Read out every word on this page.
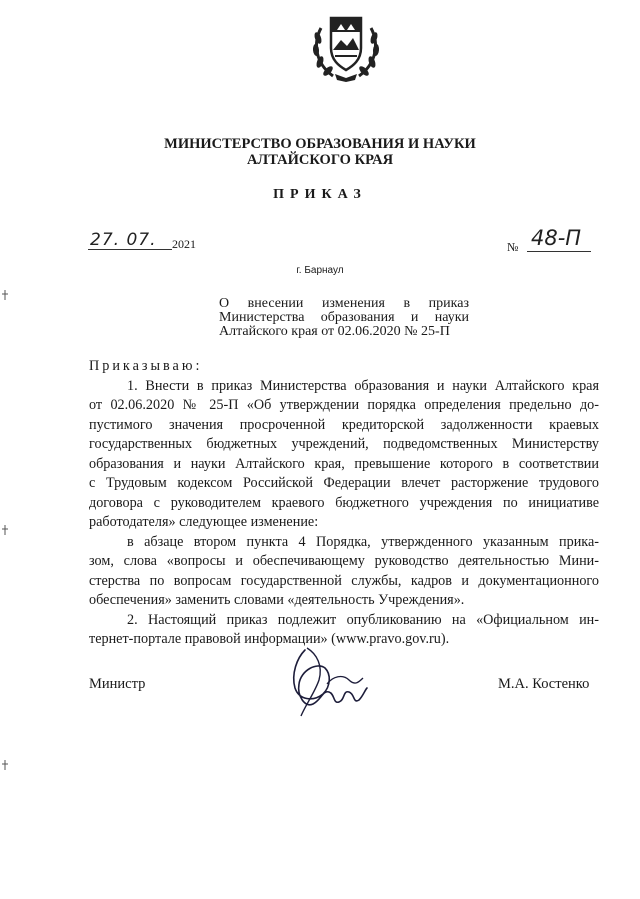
МИНИСТЕРСТВО ОБРАЗОВАНИЯ И НАУКИ
АЛТАЙСКОГО КРАЯ
ПРИКАЗ
27. 07. 2021	№ 48-П
г. Барнаул
О внесении изменения в приказ
Министерства образования и науки
Алтайского края от 02.06.2020 № 25-П
Приказываю:
1. Внести в приказ Министерства образования и науки Алтайского края
от 02.06.2020 № 25-П «Об утверждении порядка определения предельно до-
пустимого значения просроченной кредиторской задолженности краевых
государственных бюджетных учреждений, подведомственных Министерству
образования и науки Алтайского края, превышение которого в соответствии
с Трудовым кодексом Российской Федерации влечет расторжение трудового
договора с руководителем краевого бюджетного учреждения по инициативе
работодателя» следующее изменение:
в абзаце втором пункта 4 Порядка, утвержденного указанным прика-
зом, слова «вопросы и обеспечивающему руководство деятельностью Мини-
стерства по вопросам государственной службы, кадров и документационного
обеспечения» заменить словами «деятельность Учреждения».
2. Настоящий приказ подлежит опубликованию на «Официальном ин-
тернет-портале правовой информации» (www.pravo.gov.ru).
Министр	М.А. Костенко
